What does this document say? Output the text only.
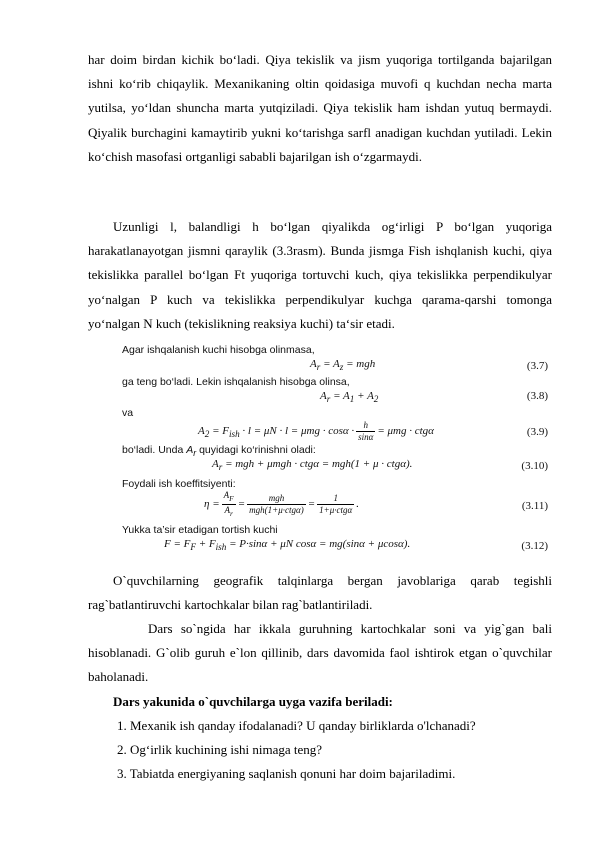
har doim birdan kichik bo‘ladi. Qiya tekislik va jism yuqoriga tortilganda bajarilgan ishni ko‘rib chiqaylik. Mexanikaning oltin qoidasiga muvofi q kuchdan necha marta yutilsa, yo‘ldan shuncha marta yutqiziladi. Qiya tekislik ham ishdan yutuq bermaydi. Qiyalik burchagini kamaytirib yukni ko‘tarishga sarfl anadigan kuchdan yutiladi. Lekin ko‘chish masofasi ortganligi sababli bajarilgan ish o‘zgarmaydi.
Uzunligi l, balandligi h bo‘lgan qiyalikda og‘irligi P bo‘lgan yuqoriga harakatlanayotgan jismni qaraylik (3.3rasm). Bunda jismga Fish ishqlanish kuchi, qiya tekislikka parallel bo‘lgan Ft yuqoriga tortuvchi kuch, qiya tekislikka perpendikulyar yo‘nalgan P kuch va tekislikka perpendikulyar kuchga qarama-qarshi tomonga yo‘nalgan N kuch (tekislikning reaksiya kuchi) ta‘sir etadi.
Agar ishqalanish kuchi hisobga olinmasa,
$A_r = A_z$ = mgh	(3.7)
ga teng bo‘ladi. Lekin ishqalanish hisobga olinsa,
$A_r = A_1 + A_2$	(3.8)
va
$A_2 = F_{ish} \cdot l = \mu N \cdot l = \mu mg \cdot \cos\alpha \cdot \frac{h}{\sin\alpha} = \mu mg \cdot ctg\alpha$	(3.9)
bo‘ladi. Unda $A_r$ quyidagi ko‘rinishni oladi:
$A_r$ = mgh + μmgh · ctgα = mgh(1 + μ · ctgα).	(3.10)
Foydali ish koeffitsiyenti:
$\eta = \frac{A_F}{A_r} = \frac{\text{mgh}}{\text{mgh(1+μ·ctgα)}} = \frac{1}{\text{1+μ·ctgα}}$ .	(3.11)
Yukka ta’sir etadigan tortish kuchi
$F = F_F + F_{ish} = P\cdot\sin\alpha + \mu N$ cosα = mg(sinα + μcosα).	(3.12)
O`quvchilarning geografik talqinlarga bergan javoblariga qarab tegishli rag`batlantiruvchi kartochkalar bilan rag`batlantiriladi.
Dars so`ngida har ikkala guruhning kartochkalar soni va yig`gan bali hisoblanadi. G`olib guruh e`lon qillinib, dars davomida faol ishtirok etgan o`quvchilar baholanadi.
Dars yakunida o`quvchilarga uyga vazifa beriladi:
1. Mexanik ish qanday ifodalanadi? U qanday birliklarda o'lchanadi?
2. Og‘irlik kuchining ishi nimaga teng?
3. Tabiatda energiyaning saqlanish qonuni har doim bajariladimi.
